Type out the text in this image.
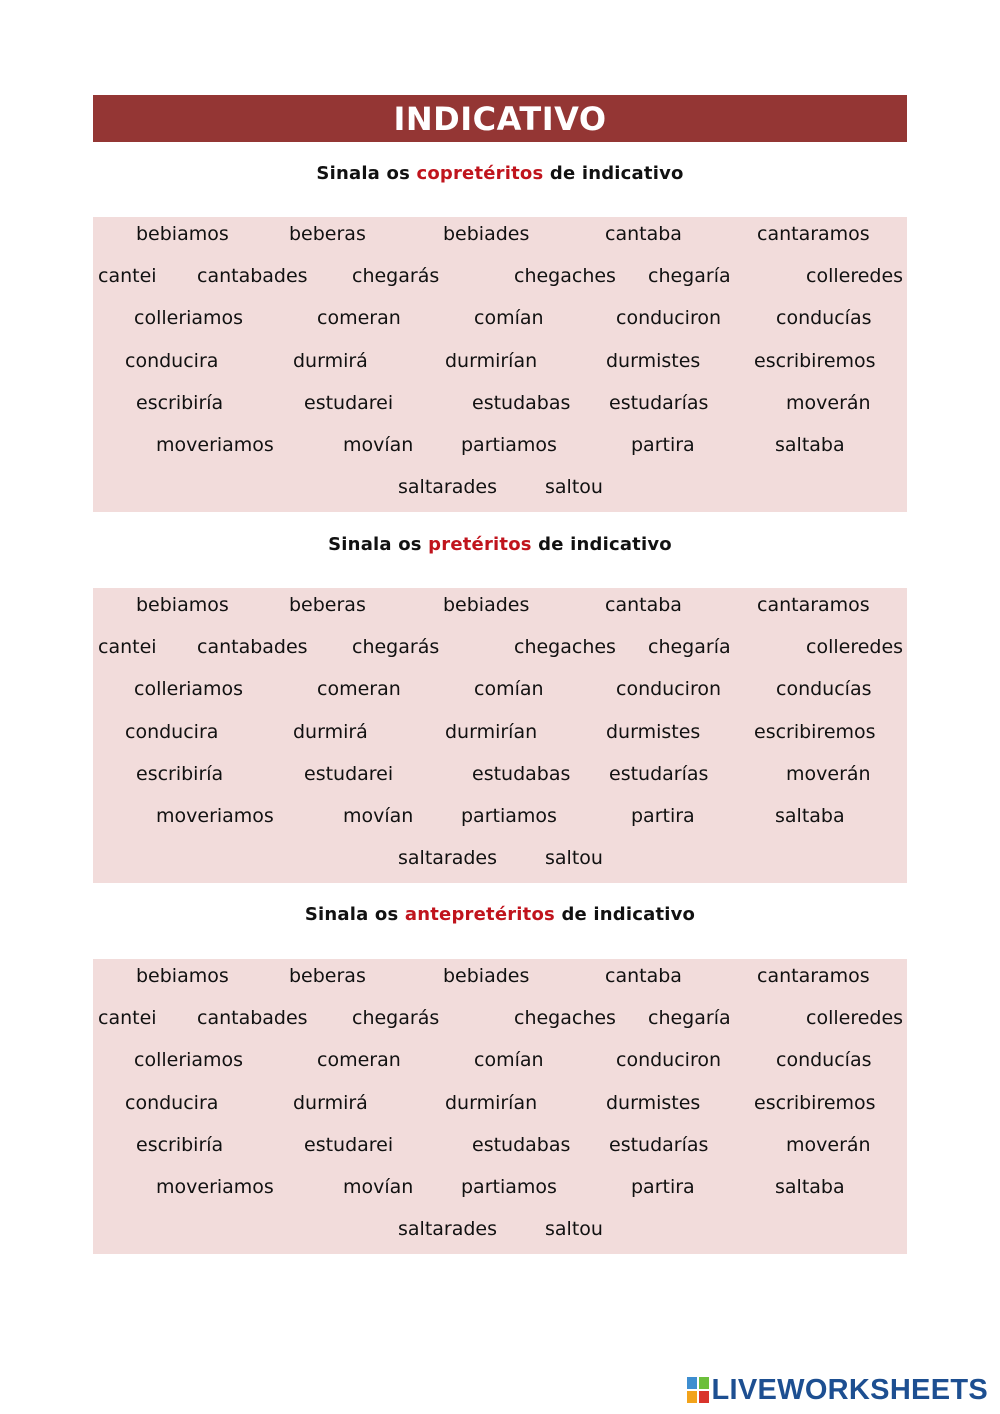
INDICATIVO
Sinala os copretéritos de indicativo
Sinala os pretéritos de indicativo
Sinala os antepretéritos de indicativo
LIVEWORKSHEETS
bebiamos	beberas	bebiades	cantaba	cantaramos
cantei cantabades chegarás	chegaches chegaría	colleredes
colleriamos	comeran	comían	conduciron	conducías
conducira	durmirá	durmirían	durmistes	escribiremos
escribiría	estudarei	estudabas estudarías	moverán
moveriamos	movían	partiamos	partira	saltaba
saltarades	saltou
bebiamos	beberas	bebiades	cantaba	cantaramos
cantei cantabades chegarás	chegaches chegaría	colleredes
colleriamos	comeran	comían	conduciron	conducías
conducira	durmirá	durmirían	durmistes	escribiremos
escribiría	estudarei	estudabas estudarías	moverán
moveriamos	movían	partiamos	partira	saltaba
saltarades	saltou
bebiamos	beberas	bebiades	cantaba	cantaramos
cantei cantabades chegarás	chegaches chegaría	colleredes
colleriamos	comeran	comían	conduciron	conducías
conducira	durmirá	durmirían	durmistes	escribiremos
escribiría	estudarei	estudabas estudarías	moverán
moveriamos	movían	partiamos	partira	saltaba
saltarades	saltou
